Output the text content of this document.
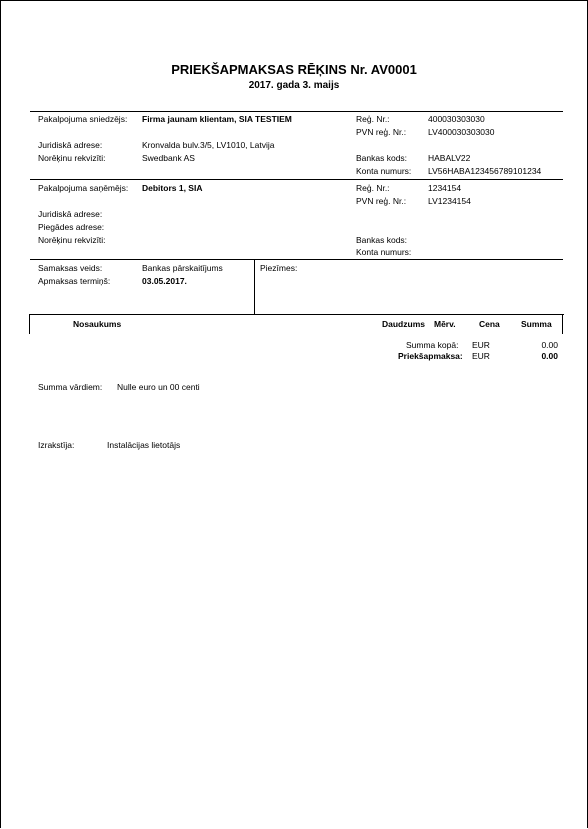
PRIEKŠAPMAKSAS RĒĶINS Nr. AV0001
2017. gada 3. maijs
Pakalpojuma sniedzējs: Firma jaunam klientam, SIA TESTIEM
Juridiskā adrese:	Kronvalda bulv.3/5, LV1010, Latvija
Norēķinu rekvizīti:	Swedbank AS
Reģ. Nr.:	400030303030
PVN reģ. Nr.:	LV400030303030
Bankas kods: HABALV22
Konta numurs: LV56HABA123456789101234
Pakalpojuma saņēmējs: Debitors 1, SIA
Juridiskā adrese:
Piegādes adrese:
Norēķinu rekvizīti:
Reģ. Nr.:	1234154
PVN reģ. Nr.:	LV1234154
Bankas kods:
Konta numurs:
Samaksas veids:	Bankas pārskaitījums
Apmaksas termiņš:	03.05.2017.
Piezīmes:
Nosaukums	Daudzums Mērv.	Cena Summa
Summa kopā: EUR	0.00
Priekšapmaksa: EUR	0.00
Summa vārdiem: Nulle euro un 00 centi
Izrakstīja:	Instalācijas lietotājs
